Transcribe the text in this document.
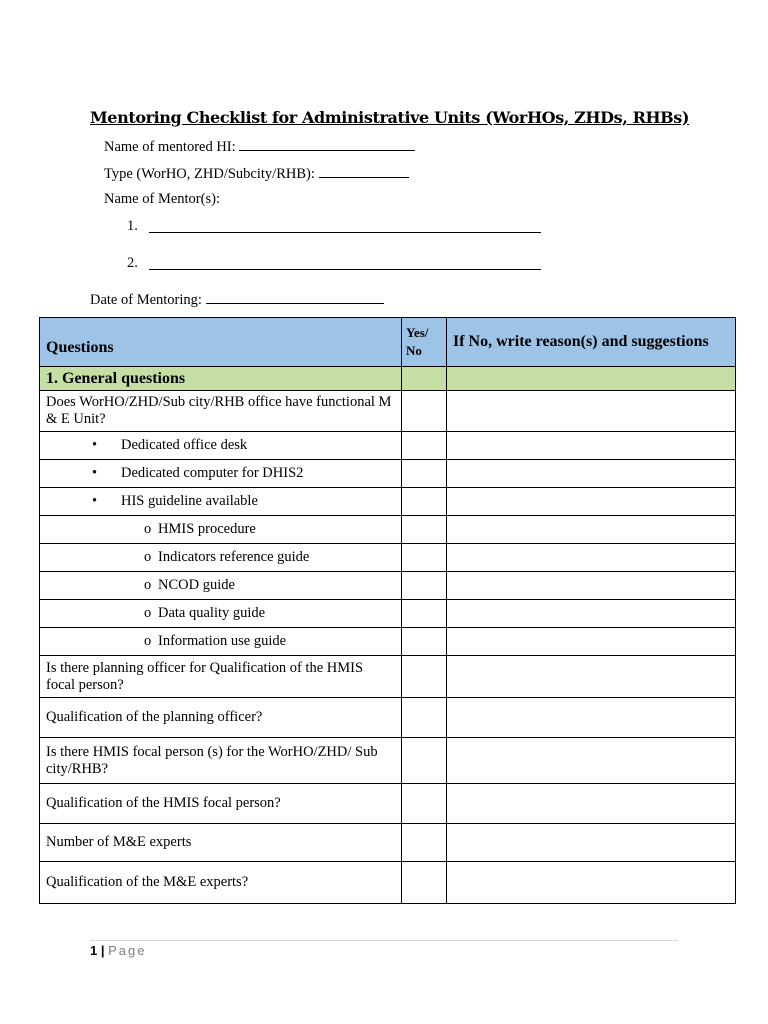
Mentoring Checklist for Administrative Units (WorHOs, ZHDs, RHBs)
Name of mentored HI:
Type (WorHO, ZHD/Subcity/RHB):
Name of Mentor(s):
1.
2.
Date of Mentoring:
Questions	Yes/ No	If No, write reason(s) and suggestions
1. General questions		
Does WorHO/ZHD/Sub city/RHB office have functional M & E Unit?		
• Dedicated office desk		
• Dedicated computer for DHIS2		
• HIS guideline available		
o HMIS procedure		
o Indicators reference guide		
o NCOD guide		
o Data quality guide		
o Information use guide		
Is there planning officer for Qualification of the HMIS focal person?		
Qualification of the planning officer?		
Is there HMIS focal person (s) for the WorHO/ZHD/ Sub city/RHB?		
Qualification of the HMIS focal person?		
Number of M&E experts		
Qualification of the M&E experts?		
1 | Page
